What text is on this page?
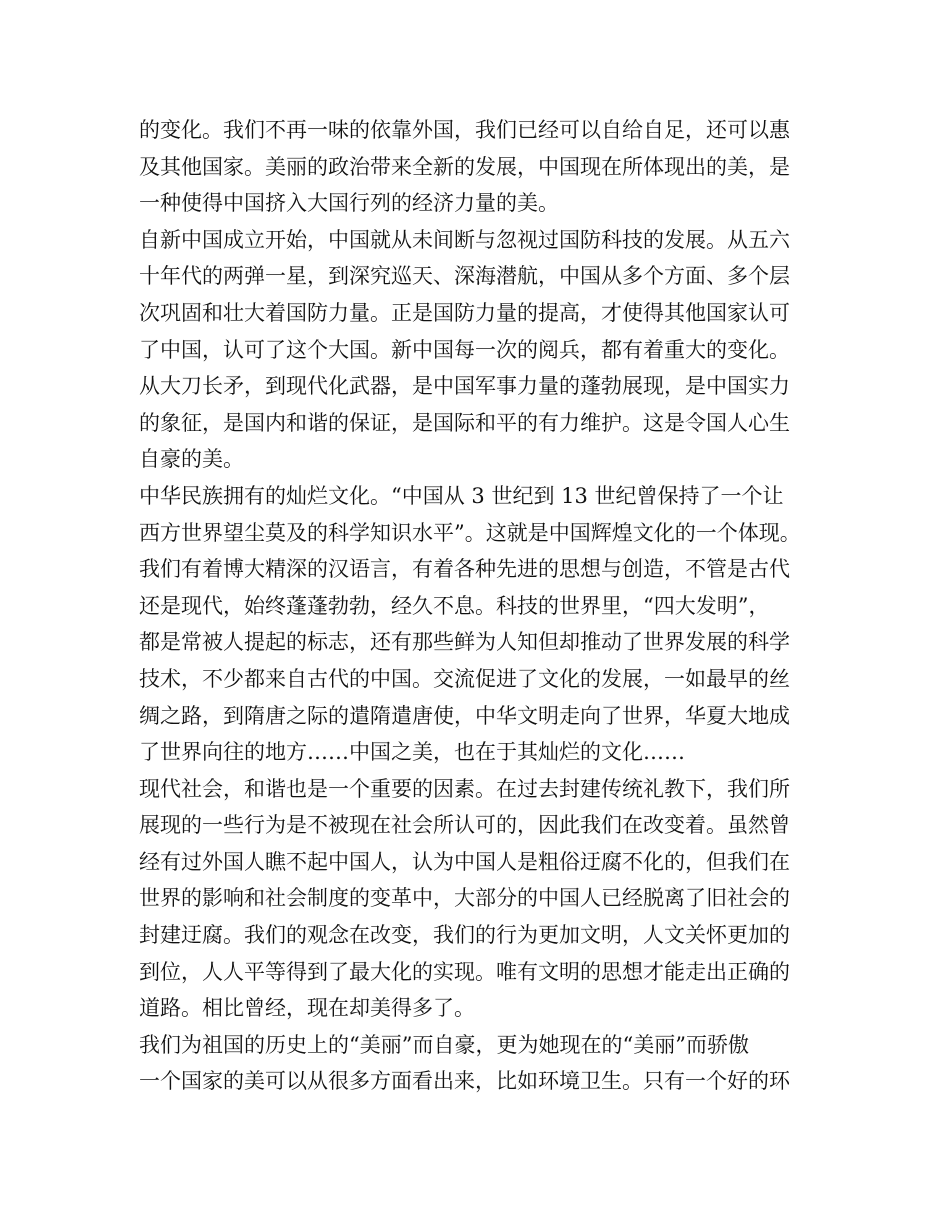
的变化。我们不再一味的依靠外国，我们已经可以自给自足，还可以惠
及其他国家。美丽的政治带来全新的发展，中国现在所体现出的美，是
一种使得中国挤入大国行列的经济力量的美。
自新中国成立开始，中国就从未间断与忽视过国防科技的发展。从五六
十年代的两弹一星，到深究巡天、深海潜航，中国从多个方面、多个层
次巩固和壮大着国防力量。正是国防力量的提高，才使得其他国家认可
了中国，认可了这个大国。新中国每一次的阅兵，都有着重大的变化。
从大刀长矛，到现代化武器，是中国军事力量的蓬勃展现，是中国实力
的象征，是国内和谐的保证，是国际和平的有力维护。这是令国人心生
自豪的美。
中华民族拥有的灿烂文化。“中国从 3 世纪到 13 世纪曾保持了一个让
西方世界望尘莫及的科学知识水平”。这就是中国辉煌文化的一个体现。
我们有着博大精深的汉语言，有着各种先进的思想与创造，不管是古代
还是现代，始终蓬蓬勃勃，经久不息。科技的世界里，“四大发明”，
都是常被人提起的标志，还有那些鲜为人知但却推动了世界发展的科学
技术，不少都来自古代的中国。交流促进了文化的发展，一如最早的丝
绸之路，到隋唐之际的遣隋遣唐使，中华文明走向了世界，华夏大地成
了世界向往的地方……中国之美，也在于其灿烂的文化……
现代社会，和谐也是一个重要的因素。在过去封建传统礼教下，我们所
展现的一些行为是不被现在社会所认可的，因此我们在改变着。虽然曾
经有过外国人瞧不起中国人，认为中国人是粗俗迂腐不化的，但我们在
世界的影响和社会制度的变革中，大部分的中国人已经脱离了旧社会的
封建迂腐。我们的观念在改变，我们的行为更加文明，人文关怀更加的
到位，人人平等得到了最大化的实现。唯有文明的思想才能走出正确的
道路。相比曾经，现在却美得多了。
我们为祖国的历史上的“美丽”而自豪，更为她现在的“美丽”而骄傲
一个国家的美可以从很多方面看出来，比如环境卫生。只有一个好的环
